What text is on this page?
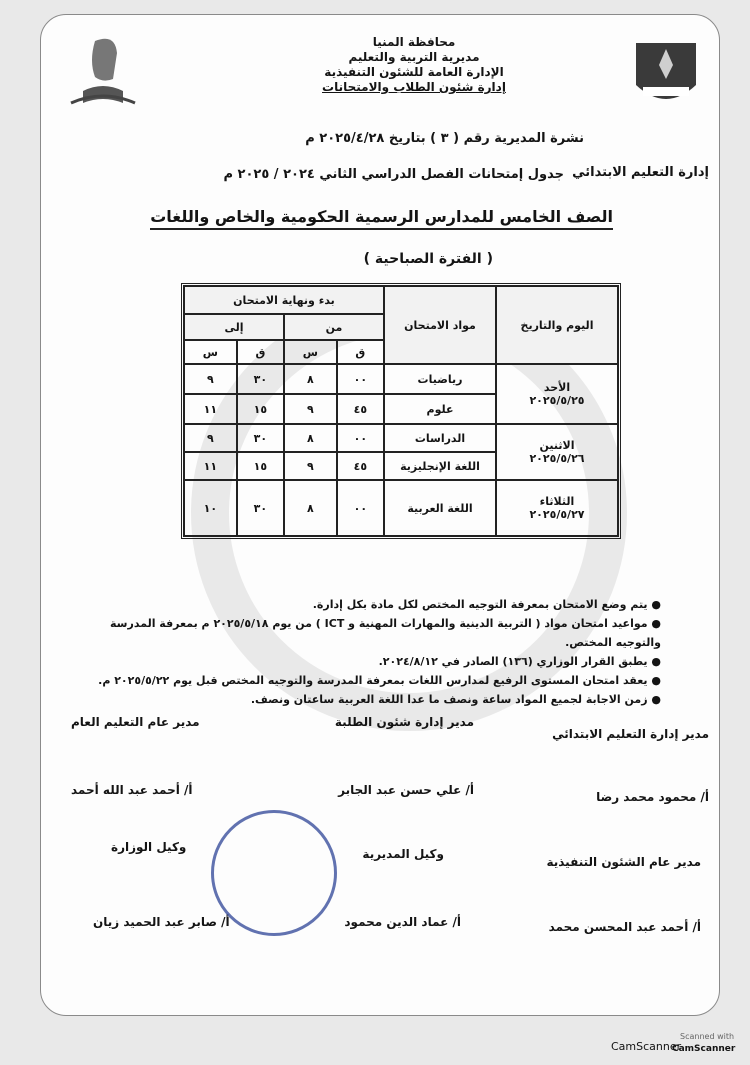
محافظة المنيا
مديرية التربية والتعليم
الإدارة العامة للشئون التنفيذية
إدارة شئون الطلاب والامتحانات
نشرة المديرية رقم ( ٣ ) بتاريخ ٢٠٢٥/٤/٢٨ م
جدول إمتحانات الفصل الدراسي الثاني ٢٠٢٤ / ٢٠٢٥ م إدارة التعليم الابتدائي
الصف الخامس للمدارس الرسمية الحكومية والخاص واللغات
( الفترة الصباحية )
اليوم والتاريخ	مواد الامتحان	بدء ونهاية الامتحان			
		من		إلى	
		ق	س	ق	س

الأحد
٢٠٢٥/٥/٢٥	رياضيات	٠٠	٨	٣٠	٩
	علوم	٤٥	٩	١٥	١١

الاثنين
٢٠٢٥/٥/٢٦	الدراسات	٠٠	٨	٣٠	٩
	اللغة الإنجليزية	٤٥	٩	١٥	١١

الثلاثاء
٢٠٢٥/٥/٢٧	اللغة العربية	٠٠	٨	٣٠	١٠
● يتم وضع الامتحان بمعرفة التوجيه المختص لكل مادة بكل إدارة.
● مواعيد امتحان مواد ( التربية الدينية والمهارات المهنية و ICT ) من يوم ٢٠٢٥/٥/١٨ م بمعرفة المدرسة والتوجيه المختص.
● يطبق القرار الوزاري (١٣٦) الصادر في ٢٠٢٤/٨/١٢.
● يعقد امتحان المستوى الرفيع لمدارس اللغات بمعرفة المدرسة والتوجيه المختص قبل يوم ٢٠٢٥/٥/٢٢ م.
● زمن الاجابة لجميع المواد ساعة ونصف ما عدا اللغة العربية ساعتان ونصف.
مدير إدارة التعليم الابتدائي
أ/ محمود محمد رضا
مدير إدارة شئون الطلبة
أ/ علي حسن عبد الجابر
مدير عام التعليم العام
أ/ أحمد عبد الله أحمد
مدير عام الشئون التنفيذية
أ/ أحمد عبد المحسن محمد
وكيل المديرية
أ/ عماد الدين محمود
وكيل الوزارة
أ/ صابر عبد الحميد زيان
CamScanner
Scanned with
CamScanner
